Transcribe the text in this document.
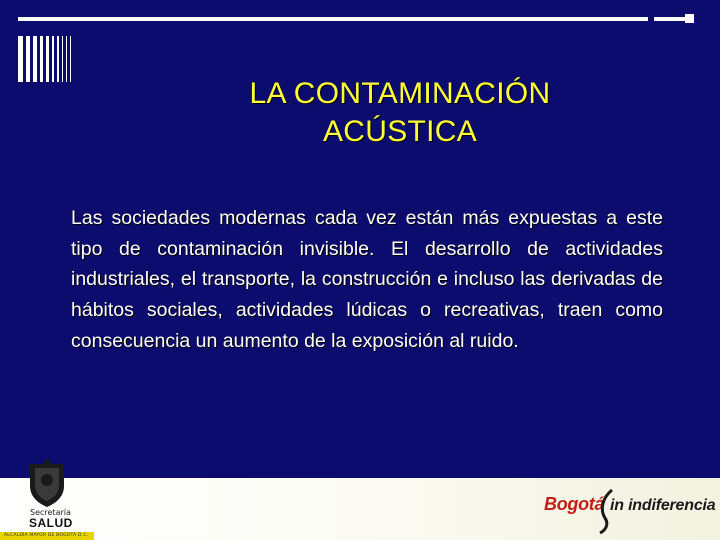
LA CONTAMINACIÓN
ACÚSTICA
Las sociedades modernas cada vez están más expuestas a este tipo de contaminación invisible. El desarrollo de actividades industriales, el transporte, la construcción e incluso las derivadas de hábitos sociales, actividades lúdicas o recreativas, traen como consecuencia un aumento de la exposición al ruido.
Secretaría
SALUD
ALCALDÍA MAYOR DE BOGOTÁ D.C.
Bogotá in indiferencia
